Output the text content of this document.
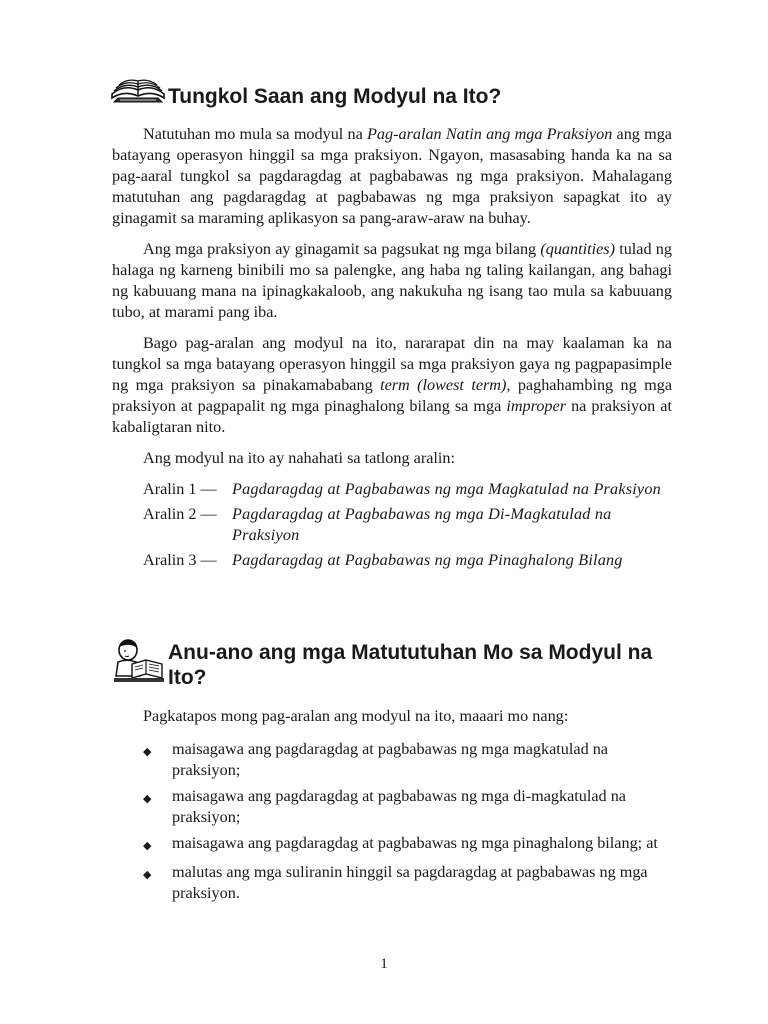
Tungkol Saan ang Modyul na Ito?

Natutuhan mo mula sa modyul na Pag-aralan Natin ang mga Praksiyon ang mga batayang operasyon hinggil sa mga praksiyon. Ngayon, masasabing handa ka na sa pag-aaral tungkol sa pagdaragdag at pagbabawas ng mga praksiyon. Mahalagang matutuhan ang pagdaragdag at pagbabawas ng mga praksiyon sapagkat ito ay ginagamit sa maraming aplikasyon sa pang-araw-araw na buhay.

Ang mga praksiyon ay ginagamit sa pagsukat ng mga bilang (quantities) tulad ng halaga ng karneng binibili mo sa palengke, ang haba ng taling kailangan, ang bahagi ng kabuuang mana na ipinagkakaloob, ang nakukuha ng isang tao mula sa kabuuang tubo, at marami pang iba.

Bago pag-aralan ang modyul na ito, nararapat din na may kaalaman ka na tungkol sa mga batayang operasyon hinggil sa mga praksiyon gaya ng pagpapasimple ng mga praksiyon sa pinakamababang term (lowest term), paghahambing ng mga praksiyon at pagpapalit ng mga pinaghalong bilang sa mga improper na praksiyon at kabaligtaran nito.

Ang modyul na ito ay nahahati sa tatlong aralin:

Aralin 1 — Pagdaragdag at Pagbabawas ng mga Magkatulad na Praksiyon
Aralin 2 — Pagdaragdag at Pagbabawas ng mga Di-Magkatulad na Praksiyon
Aralin 3 — Pagdaragdag at Pagbabawas ng mga Pinaghalong Bilang
Anu-ano ang mga Matututuhan Mo sa Modyul na Ito?

Pagkatapos mong pag-aralan ang modyul na ito, maaari mo nang:

◆	maisagawa ang pagdaragdag at pagbabawas ng mga magkatulad na praksiyon;
◆	maisagawa ang pagdaragdag at pagbabawas ng mga di-magkatulad na praksiyon;
◆	maisagawa ang pagdaragdag at pagbabawas ng mga pinaghalong bilang; at
◆	malutas ang mga suliranin hinggil sa pagdaragdag at pagbabawas ng mga praksiyon.
1
